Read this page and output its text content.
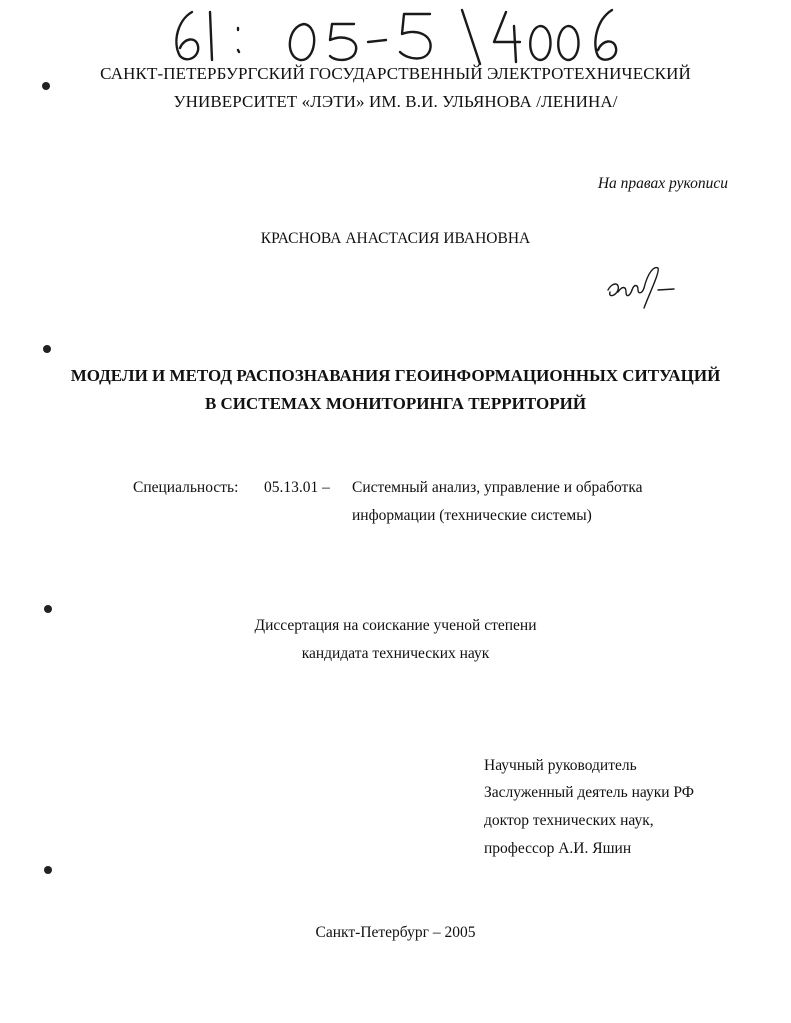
САНКТ-ПЕТЕРБУРГСКИЙ ГОСУДАРСТВЕННЫЙ ЭЛЕКТРОТЕХНИЧЕСКИЙ
УНИВЕРСИТЕТ «ЛЭТИ» ИМ. В.И. УЛЬЯНОВА /ЛЕНИНА/
На правах рукописи
КРАСНОВА АНАСТАСИЯ ИВАНОВНА
МОДЕЛИ И МЕТОД РАСПОЗНАВАНИЯ ГЕОИНФОРМАЦИОННЫХ СИТУАЦИЙ
В СИСТЕМАХ МОНИТОРИНГА ТЕРРИТОРИЙ
Специальность: 05.13.01 – Системный анализ, управление и обработка
информации (технические системы)
Диссертация на соискание ученой степени
кандидата технических наук
Научный руководитель
Заслуженный деятель науки РФ
доктор технических наук,
профессор А.И. Яшин
Санкт-Петербург – 2005
